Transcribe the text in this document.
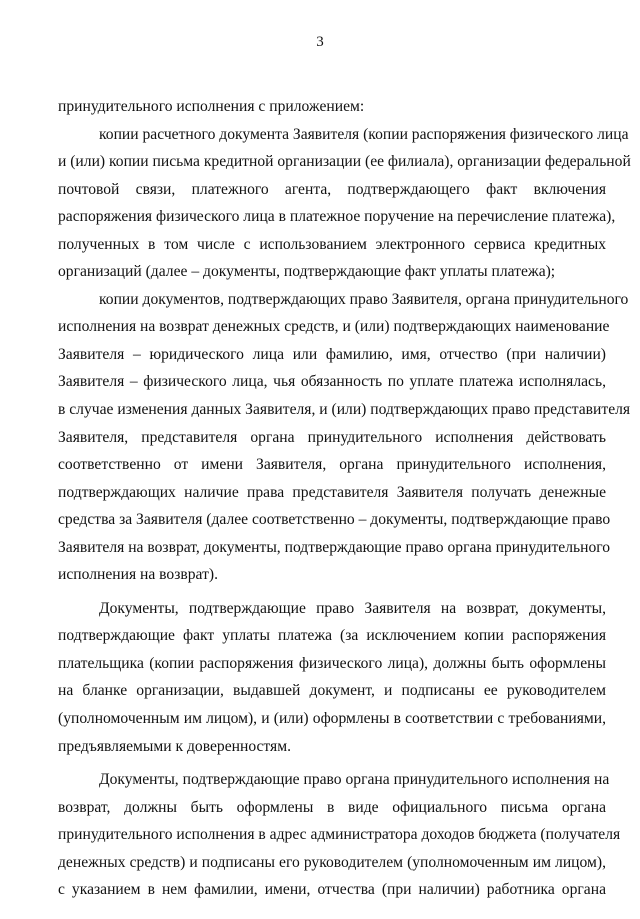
3
принудительного исполнения с приложением:
копии расчетного документа Заявителя (копии распоряжения физического лица
и (или) копии письма кредитной организации (ее филиала), организации федеральной
почтовой связи, платежного агента, подтверждающего факт включения
распоряжения физического лица в платежное поручение на перечисление платежа),
полученных в том числе с использованием электронного сервиса кредитных
организаций (далее – документы, подтверждающие факт уплаты платежа);
копии документов, подтверждающих право Заявителя, органа принудительного
исполнения на возврат денежных средств, и (или) подтверждающих наименование
Заявителя – юридического лица или фамилию, имя, отчество (при наличии)
Заявителя – физического лица, чья обязанность по уплате платежа исполнялась,
в случае изменения данных Заявителя, и (или) подтверждающих право представителя
Заявителя, представителя органа принудительного исполнения действовать
соответственно от имени Заявителя, органа принудительного исполнения,
подтверждающих наличие права представителя Заявителя получать денежные
средства за Заявителя (далее соответственно – документы, подтверждающие право
Заявителя на возврат, документы, подтверждающие право органа принудительного
исполнения на возврат).
Документы, подтверждающие право Заявителя на возврат, документы,
подтверждающие факт уплаты платежа (за исключением копии распоряжения
плательщика (копии распоряжения физического лица), должны быть оформлены
на бланке организации, выдавшей документ, и подписаны ее руководителем
(уполномоченным им лицом), и (или) оформлены в соответствии с требованиями,
предъявляемыми к доверенностям.
Документы, подтверждающие право органа принудительного исполнения на
возврат, должны быть оформлены в виде официального письма органа
принудительного исполнения в адрес администратора доходов бюджета (получателя
денежных средств) и подписаны его руководителем (уполномоченным им лицом),
с указанием в нем фамилии, имени, отчества (при наличии) работника органа
